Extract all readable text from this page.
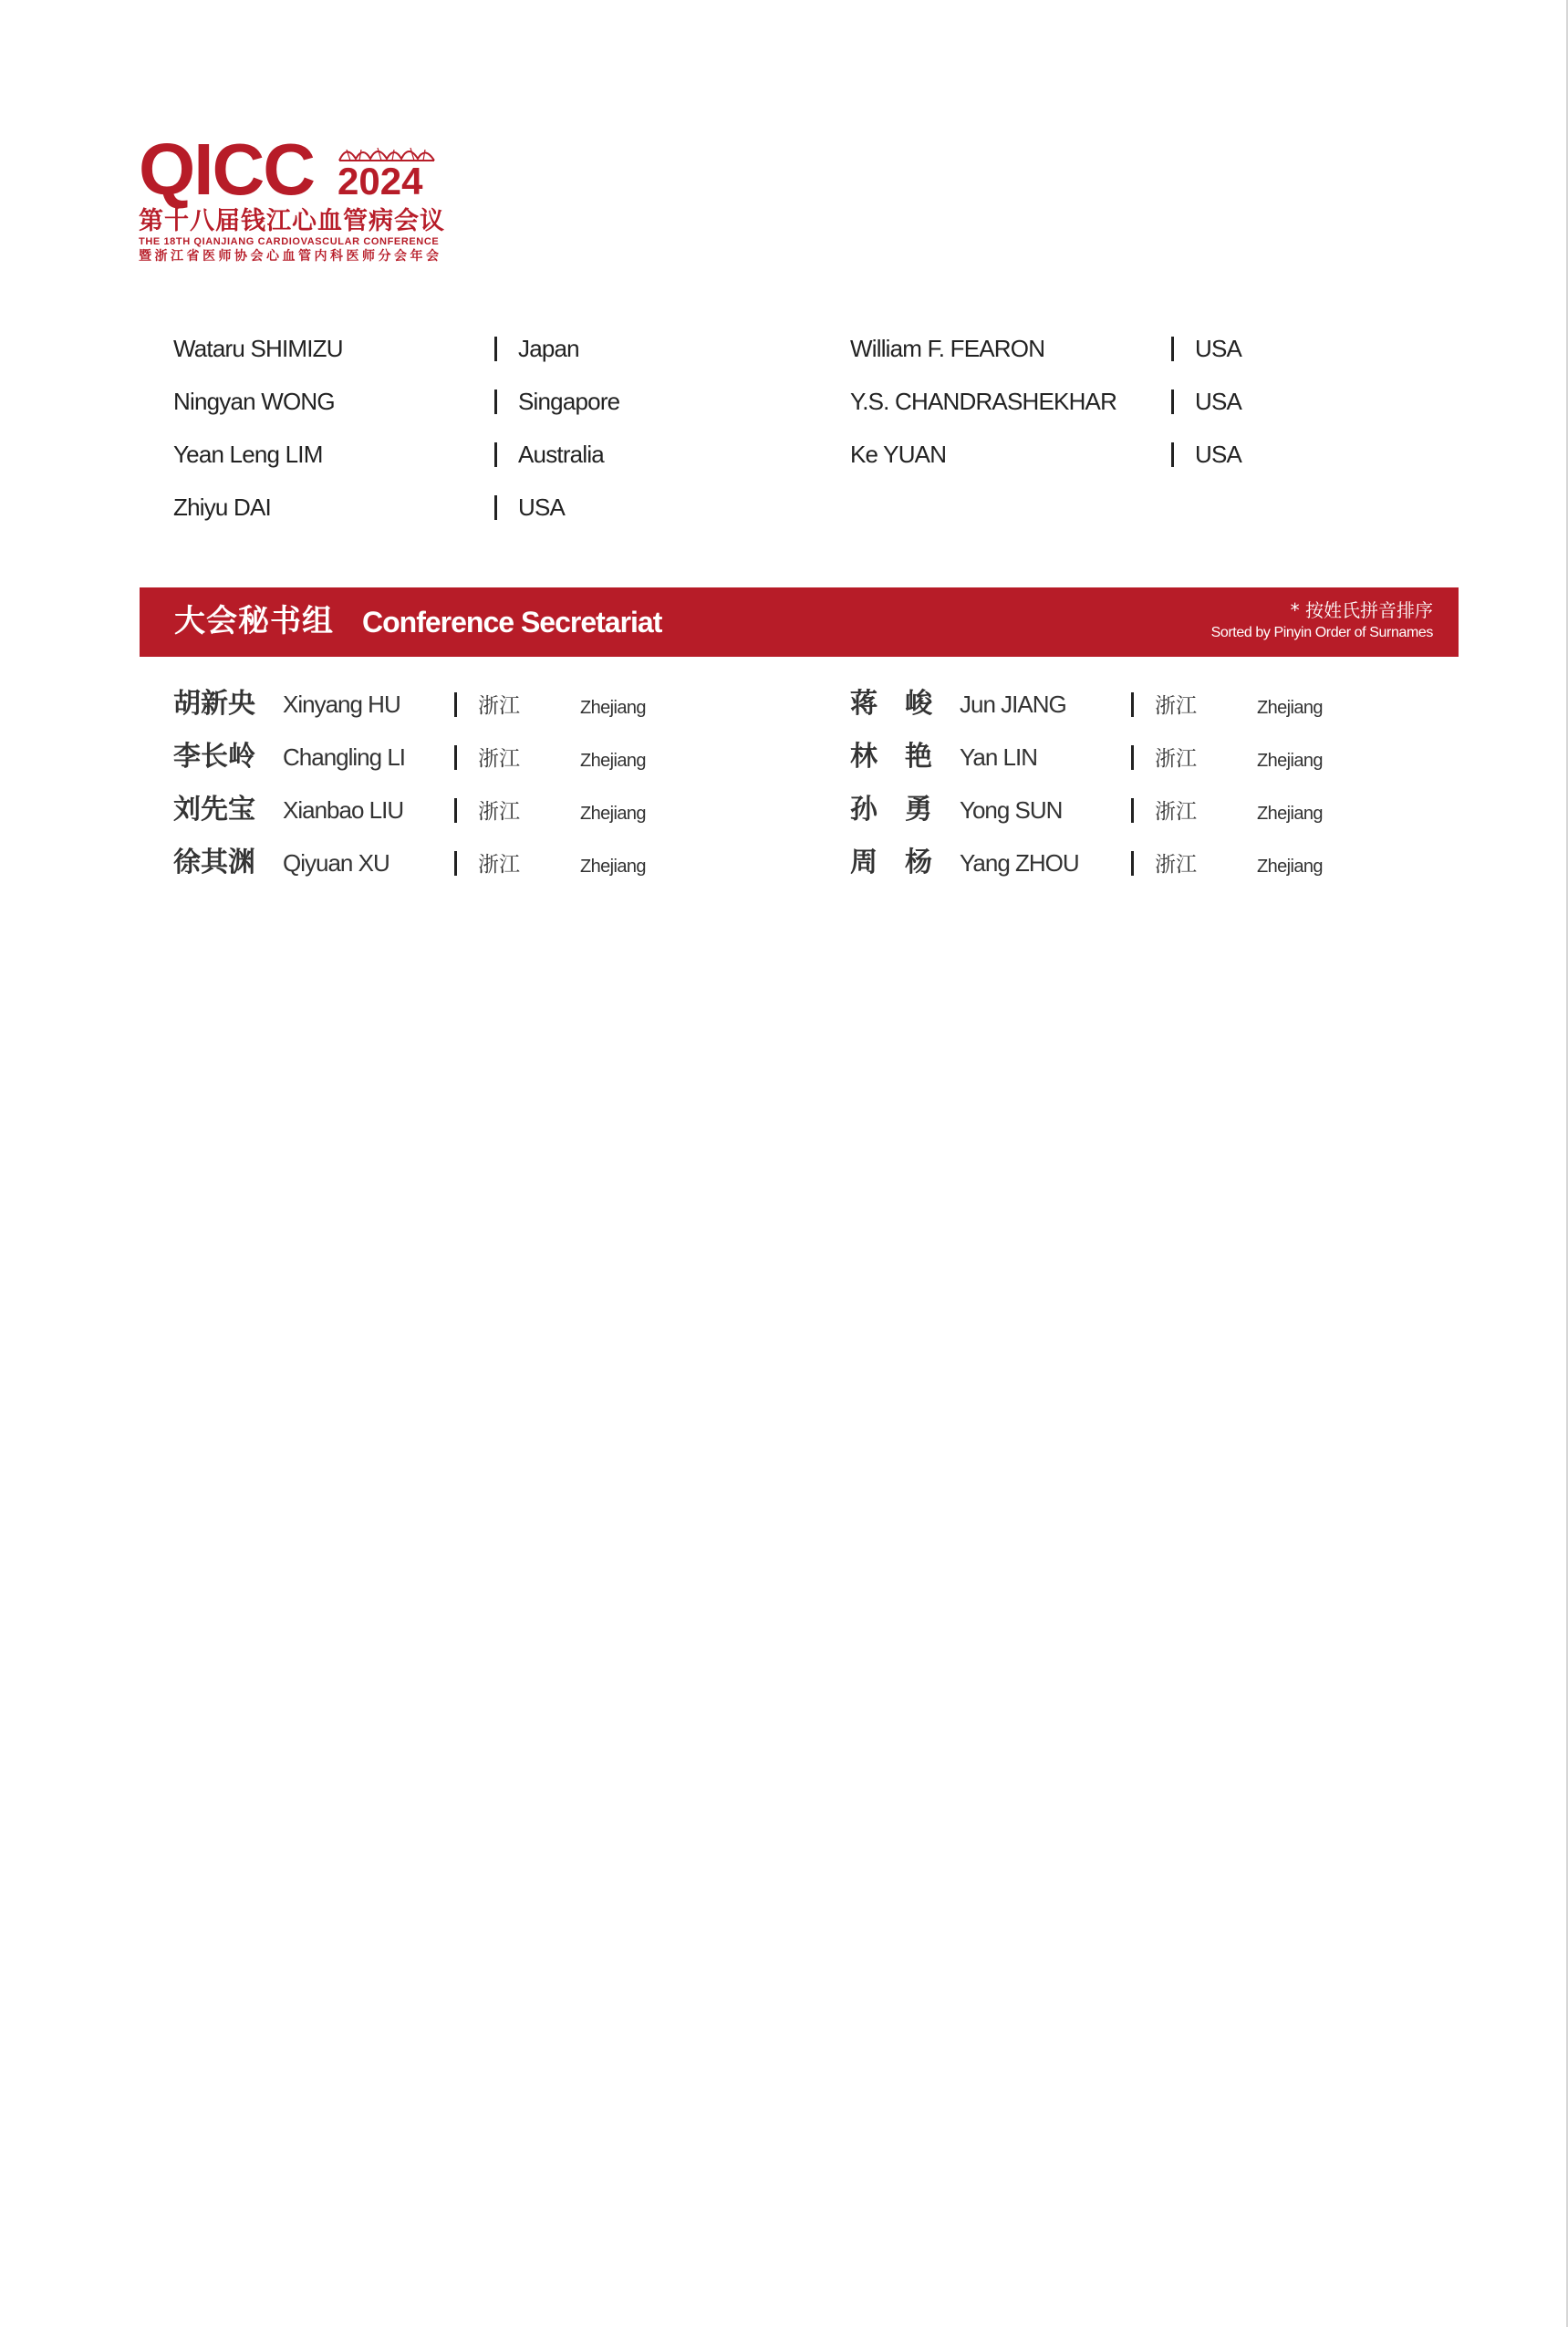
QICC 2024
第十八届钱江心血管病会议
THE 18TH QIANJIANG CARDIOVASCULAR CONFERENCE
暨浙江省医师协会心血管内科医师分会年会
Wataru SHIMIZU	Japan
Ningyan WONG	Singapore
Yean Leng LIM	Australia
Zhiyu DAI	USA
William F. FEARON	USA
Y.S. CHANDRASHEKHAR	USA
Ke YUAN	USA
大会秘书组 Conference Secretariat	* 按姓氏拼音排序
Sorted by Pinyin Order of Surnames
胡新央 Xinyang HU	浙江	Zhejiang
李长岭 Changling LI	浙江	Zhejiang
刘先宝 Xianbao LIU	浙江	Zhejiang
徐其渊 Qiyuan XU	浙江	Zhejiang
蒋　峻 Jun JIANG	浙江	Zhejiang
林　艳 Yan LIN	浙江	Zhejiang
孙　勇 Yong SUN	浙江	Zhejiang
周　杨 Yang ZHOU	浙江	Zhejiang
